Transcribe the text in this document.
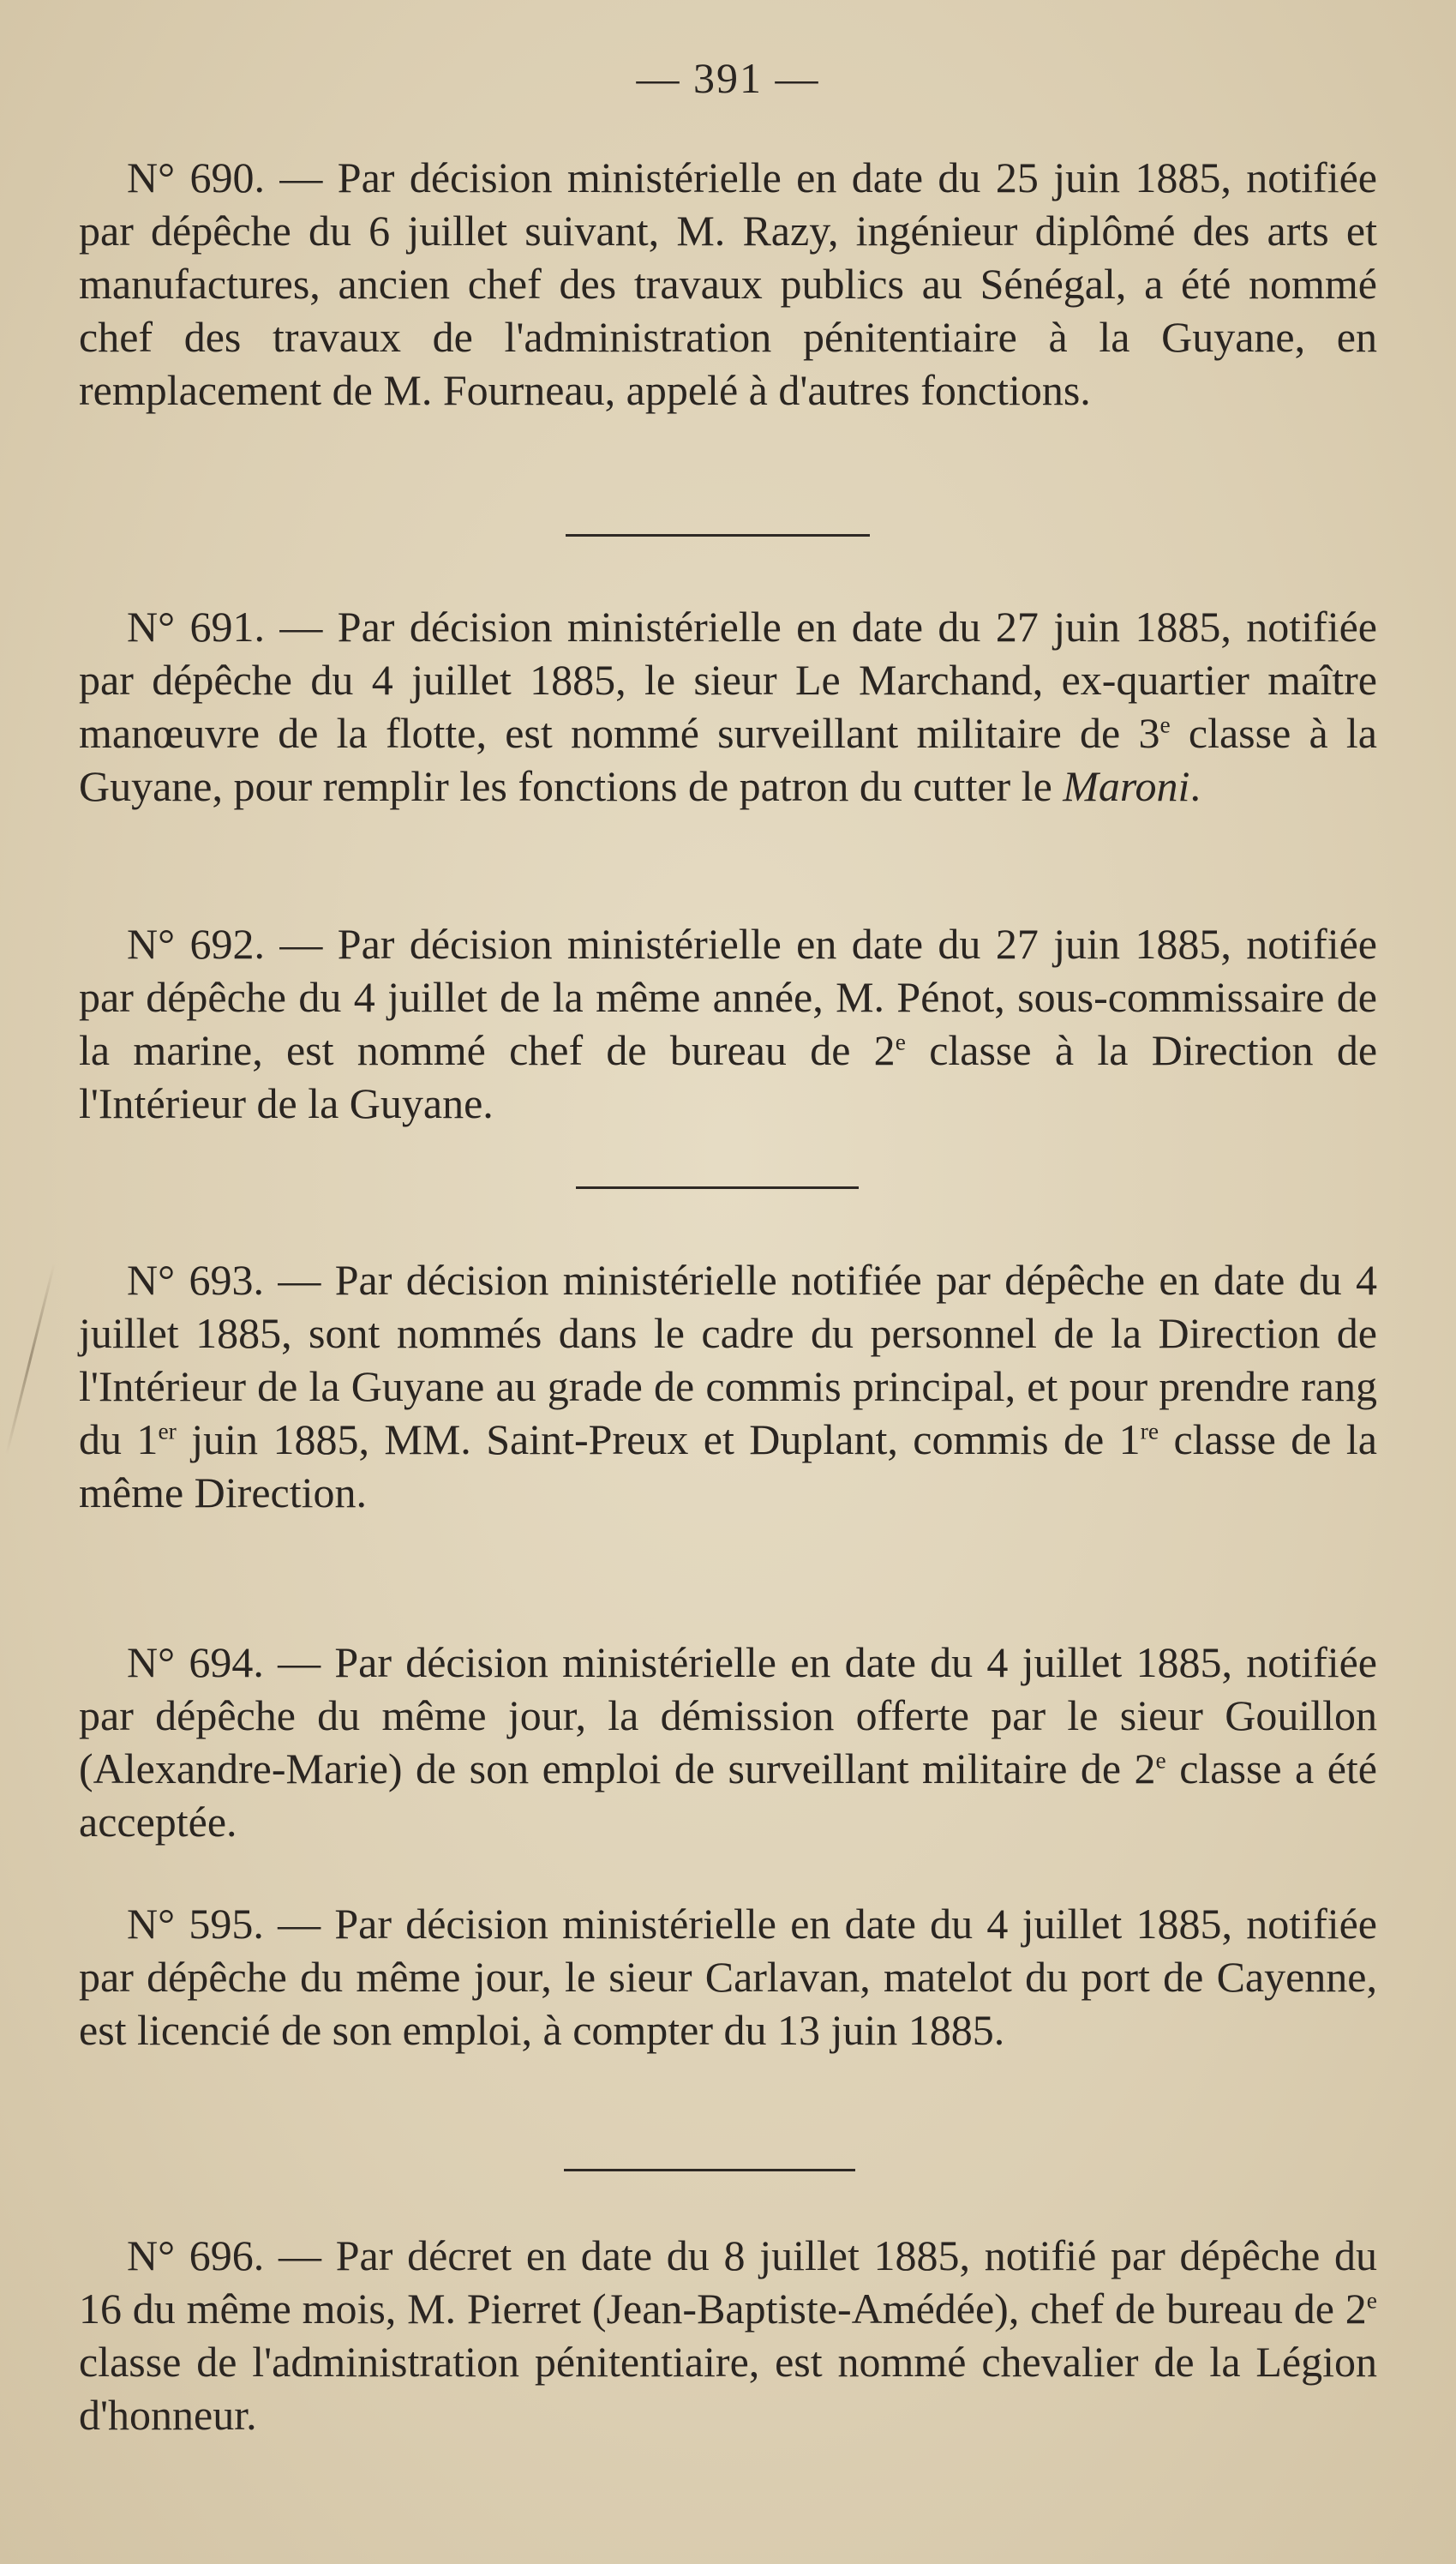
— 391 —

N° 690. — Par décision ministérielle en date du 25 juin 1885, notifiée par dépêche du 6 juillet suivant, M. Razy, ingénieur diplômé des arts et manufactures, ancien chef des travaux publics au Sénégal, a été nommé chef des travaux de l'administration pénitentiaire à la Guyane, en remplacement de M. Fourneau, appelé à d'autres fonctions.

N° 691. — Par décision ministérielle en date du 27 juin 1885, notifiée par dépêche du 4 juillet 1885, le sieur Le Marchand, ex-quartier maître manœuvre de la flotte, est nommé surveillant militaire de 3e classe à la Guyane, pour remplir les fonctions de patron du cutter le Maroni.

N° 692. — Par décision ministérielle en date du 27 juin 1885, notifiée par dépêche du 4 juillet de la même année, M. Pénot, sous-commissaire de la marine, est nommé chef de bureau de 2e classe à la Direction de l'Intérieur de la Guyane.

N° 693. — Par décision ministérielle notifiée par dépêche en date du 4 juillet 1885, sont nommés dans le cadre du personnel de la Direction de l'Intérieur de la Guyane au grade de commis principal, et pour prendre rang du 1er juin 1885, MM. Saint-Preux et Duplant, commis de 1re classe de la même Direction.

N° 694. — Par décision ministérielle en date du 4 juillet 1885, notifiée par dépêche du même jour, la démission offerte par le sieur Gouillon (Alexandre-Marie) de son emploi de surveillant militaire de 2e classe a été acceptée.

N° 595. — Par décision ministérielle en date du 4 juillet 1885, notifiée par dépêche du même jour, le sieur Carlavan, matelot du port de Cayenne, est licencié de son emploi, à compter du 13 juin 1885.

N° 696. — Par décret en date du 8 juillet 1885, notifié par dépêche du 16 du même mois, M. Pierret (Jean-Baptiste-Amédée), chef de bureau de 2e classe de l'administration pénitentiaire, est nommé chevalier de la Légion d'honneur.
